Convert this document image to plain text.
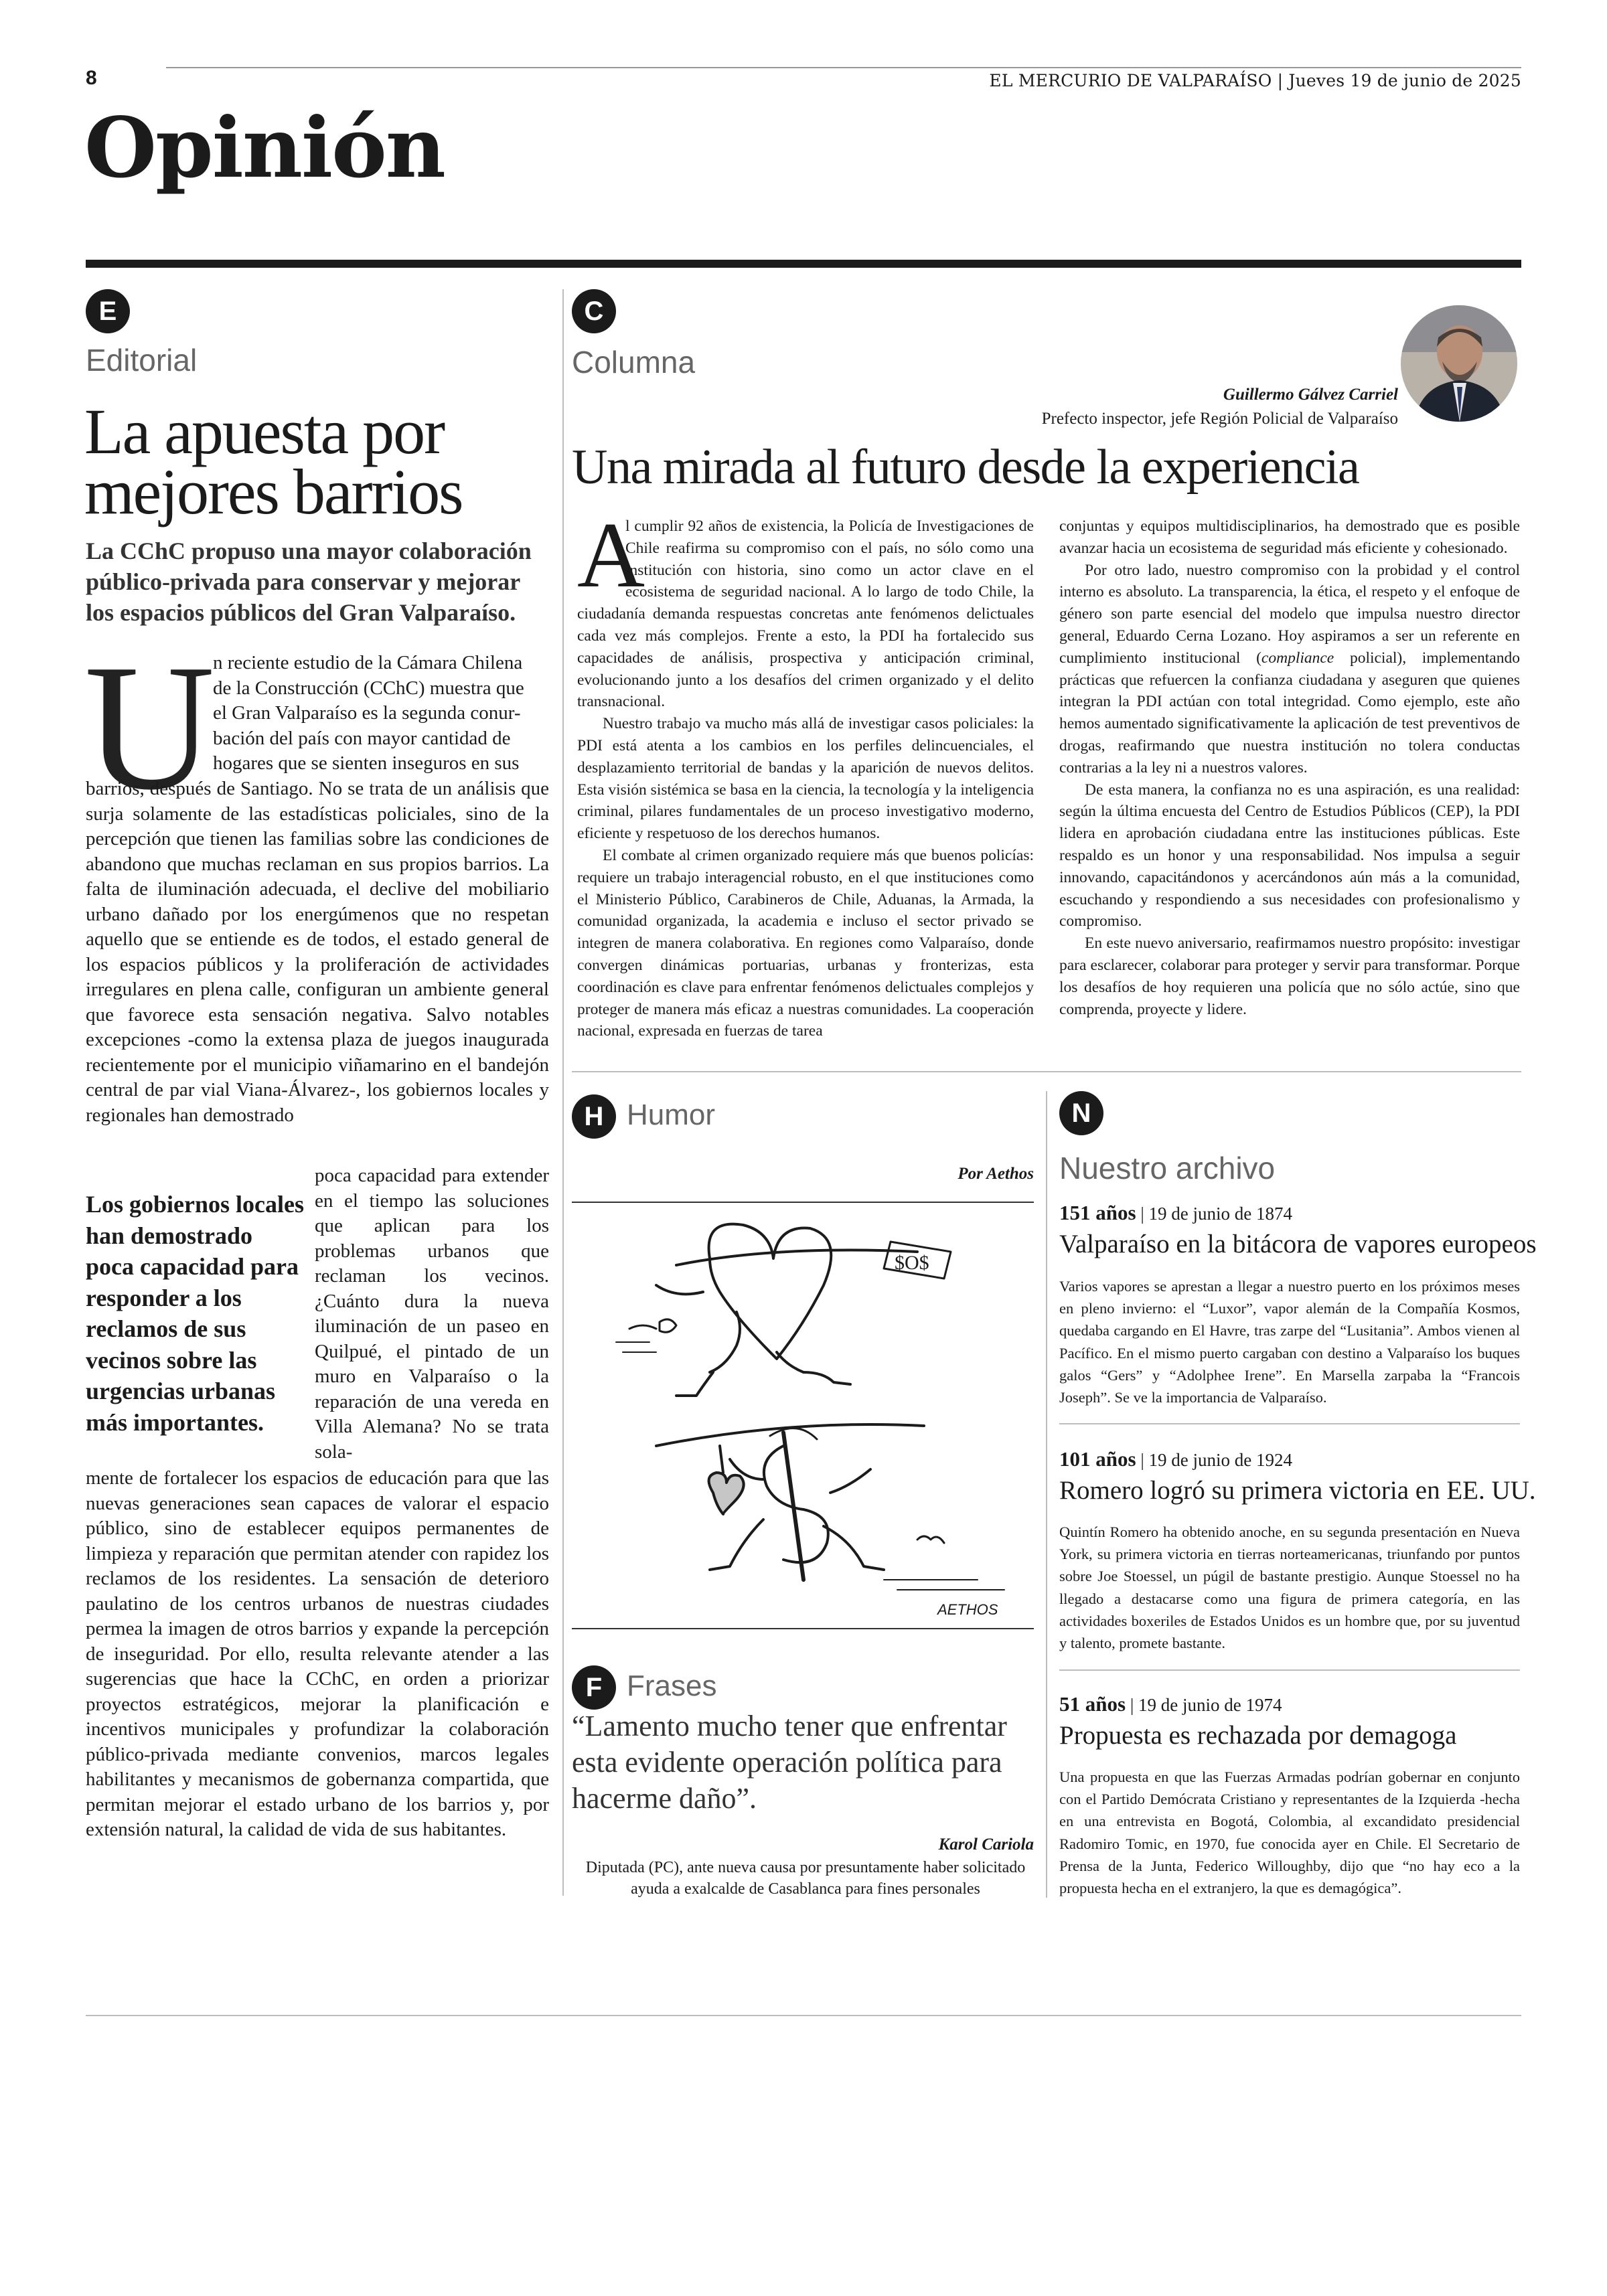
8	EL MERCURIO DE VALPARAÍSO | Jueves 19 de junio de 2025
Opinión
E
Editorial
La apuesta por mejores barrios
La CChC propuso una mayor colaboración público-privada para conservar y mejorar los espacios públicos del Gran Valparaíso.
U
n reciente estudio de la Cámara Chilena
de la Construcción (CChC) muestra que
el Gran Valparaíso es la segunda conur-
bación del país con mayor cantidad de
hogares que se sienten inseguros en sus

barrios, después de Santiago. No se trata de un análisis que surja solamente de las estadísticas policiales, sino de la percepción que tienen las familias sobre las condiciones de abandono que muchas reclaman en sus propios barrios. La falta de iluminación adecuada, el declive del mobiliario urbano dañado por los energúmenos que no respetan aquello que se entiende es de todos, el estado general de los espacios públicos y la proliferación de actividades irregulares en plena calle, configuran un ambiente general que favorece esta sensación negativa. Salvo notables excepciones -como la extensa plaza de juegos inaugurada recientemente por el municipio viñamarino en el bandejón central de par vial Viana-Álvarez-, los gobiernos locales y regionales han demostrado

Los gobiernos locales han demostrado poca capacidad para responder a los reclamos de sus vecinos sobre las urgencias urbanas más importantes.

poca capacidad para extender en el tiempo las soluciones que aplican para los problemas urbanos que reclaman los vecinos. ¿Cuánto dura la nueva iluminación de un paseo en Quilpué, el pintado de un muro en Valparaíso o la reparación de una vereda en Villa Alemana? No se trata sola-

mente de fortalecer los espacios de educación para que las nuevas generaciones sean capaces de valorar el espacio público, sino de establecer equipos permanentes de limpieza y reparación que permitan atender con rapidez los reclamos de los residentes. La sensación de deterioro paulatino de los centros urbanos de nuestras ciudades permea la imagen de otros barrios y expande la percepción de inseguridad. Por ello, resulta relevante atender a las sugerencias que hace la CChC, en orden a priorizar proyectos estratégicos, mejorar la planificación e incentivos municipales y profundizar la colaboración público-privada mediante convenios, marcos legales habilitantes y mecanismos de gobernanza compartida, que permitan mejorar el estado urbano de los barrios y, por extensión natural, la calidad de vida de sus habitantes.

C
Columna
Guillermo Gálvez Carriel
Prefecto inspector, jefe Región Policial de Valparaíso
Una mirada al futuro desde la experiencia
A

l cumplir 92 años de existencia, la Policía de Investigaciones de Chile reafirma su compromiso con el país, no sólo como una institución con historia, sino como un actor clave en el ecosistema de seguridad nacional. A lo largo de todo Chile, la ciudadanía demanda respuestas concretas ante fenómenos delictuales cada vez más complejos. Frente a esto, la PDI ha fortalecido sus capacidades de análisis, prospectiva y anticipación criminal, evolucionando junto a los desafíos del crimen organizado y el delito transnacional.

Nuestro trabajo va mucho más allá de investigar casos policiales: la PDI está atenta a los cambios en los perfiles delincuenciales, el desplazamiento territorial de bandas y la aparición de nuevos delitos. Esta visión sistémica se basa en la ciencia, la tecnología y la inteligencia criminal, pilares fundamentales de un proceso investigativo moderno, eficiente y respetuoso de los derechos humanos.

El combate al crimen organizado requiere más que buenos policías: requiere un trabajo interagencial robusto, en el que instituciones como el Ministerio Público, Carabineros de Chile, Aduanas, la Armada, la comunidad organizada, la academia e incluso el sector privado se integren de manera colaborativa. En regiones como Valparaíso, donde convergen dinámicas portuarias, urbanas y fronterizas, esta coordinación es clave para enfrentar fenómenos delictuales complejos y proteger de manera más eficaz a nuestras comunidades. La cooperación nacional, expresada en fuerzas de tarea

conjuntas y equipos multidisciplinarios, ha demostrado que es posible avanzar hacia un ecosistema de seguridad más eficiente y cohesionado.

Por otro lado, nuestro compromiso con la probidad y el control interno es absoluto. La transparencia, la ética, el respeto y el enfoque de género son parte esencial del modelo que impulsa nuestro director general, Eduardo Cerna Lozano. Hoy aspiramos a ser un referente en cumplimiento institucional (compliance policial), implementando prácticas que refuercen la confianza ciudadana y aseguren que quienes integran la PDI actúan con total integridad. Como ejemplo, este año hemos aumentado significativamente la aplicación de test preventivos de drogas, reafirmando que nuestra institución no tolera conductas contrarias a la ley ni a nuestros valores.

De esta manera, la confianza no es una aspiración, es una realidad: según la última encuesta del Centro de Estudios Públicos (CEP), la PDI lidera en aprobación ciudadana entre las instituciones públicas. Este respaldo es un honor y una responsabilidad. Nos impulsa a seguir innovando, capacitándonos y acercándonos aún más a la comunidad, escuchando y respondiendo a sus necesidades con profesionalismo y compromiso.

En este nuevo aniversario, reafirmamos nuestro propósito: investigar para esclarecer, colaborar para proteger y servir para transformar. Porque los desafíos de hoy requieren una policía que no sólo actúe, sino que comprenda, proyecte y lidere.

H Humor
Por Aethos
$O$
AETHOS
F Frases
“Lamento mucho tener que enfrentar esta evidente operación política para hacerme daño”.
Karol Cariola
Diputada (PC), ante nueva causa por presuntamente haber solicitado ayuda a exalcalde de Casablanca para fines personales
N
Nuestro archivo
151 años | 19 de junio de 1874
Valparaíso en la bitácora de vapores europeos
Varios vapores se aprestan a llegar a nuestro puerto en los próximos meses en pleno invierno: el “Luxor”, vapor alemán de la Compañía Kosmos, quedaba cargando en El Havre, tras zarpe del “Lusitania”. Ambos vienen al Pacífico. En el mismo puerto cargaban con destino a Valparaíso los buques galos “Gers” y “Adolphee Irene”. En Marsella zarpaba la “Francois Joseph”. Se ve la importancia de Valparaíso.
101 años | 19 de junio de 1924
Romero logró su primera victoria en EE. UU.
Quintín Romero ha obtenido anoche, en su segunda presentación en Nueva York, su primera victoria en tierras norteamericanas, triunfando por puntos sobre Joe Stoessel, un púgil de bastante prestigio. Aunque Stoessel no ha llegado a destacarse como una figura de primera categoría, en las actividades boxeriles de Estados Unidos es un hombre que, por su juventud y talento, promete bastante.
51 años | 19 de junio de 1974
Propuesta es rechazada por demagoga
Una propuesta en que las Fuerzas Armadas podrían gobernar en conjunto con el Partido Demócrata Cristiano y representantes de la Izquierda -hecha en una entrevista en Bogotá, Colombia, al excandidato presidencial Radomiro Tomic, en 1970, fue conocida ayer en Chile. El Secretario de Prensa de la Junta, Federico Willoughby, dijo que “no hay eco a la propuesta hecha en el extranjero, la que es demagógica”.
